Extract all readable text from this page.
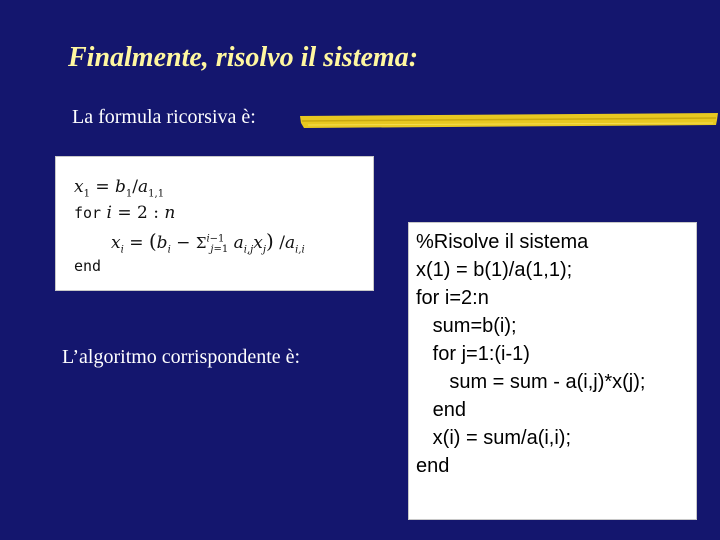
Finalmente, risolvo il sistema:
La formula ricorsiva è:
$x_1 = b_1/a_{1,1}$
for i = 2 : n
$x_i = (b_i - \Sigma^{i-1}_{j=1}$ $a_{i,j}x_j$) $/a_{i,i}$
end
L’algoritmo corrispondente è:
%Risolve il sistema
x(1) = b(1)/a(1,1);
for i=2:n
sum=b(i);
for j=1:(i-1)
sum = sum - a(i,j)*x(j);
end
x(i) = sum/a(i,i);
end
